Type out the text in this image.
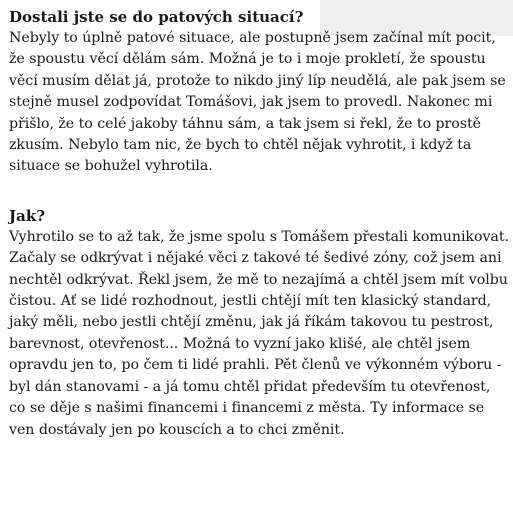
Dostali jste se do patových situací?

Nebyly to úplně patové situace, ale postupně jsem začínal mít pocit, že spoustu věcí dělám sám. Možná je to i moje prokletí, že spoustu věcí musím dělat já, protože to nikdo jiný líp neudělá, ale pak jsem se stejně musel zodpovídat Tomášovi, jak jsem to provedl. Nakonec mi přišlo, že to celé jakoby táhnu sám, a tak jsem si řekl, že to prostě zkusím. Nebylo tam nic, že bych to chtěl nějak vyhrotit, i když ta situace se bohužel vyhrotila.

Jak?

Vyhrotilo se to až tak, že jsme spolu s Tomášem přestali komunikovat. Začaly se odkrývat i nějaké věci z takové té šedivé zóny, což jsem ani nechtěl odkrývat. Řekl jsem, že mě to nezajímá a chtěl jsem mít volbu čistou. Ať se lidé rozhodnout, jestli chtějí mít ten klasický standard, jaký měli, nebo jestli chtějí změnu, jak já říkám takovou tu pestrost, barevnost, otevřenost... Možná to vyzní jako klišé, ale chtěl jsem opravdu jen to, po čem ti lidé prahli. Pět členů ve výkonném výboru - byl dán stanovami - a já tomu chtěl přidat především tu otevřenost, co se děje s našimi financemi i financemi z města. Ty informace se ven dostávaly jen po kouscích a to chci změnit.
